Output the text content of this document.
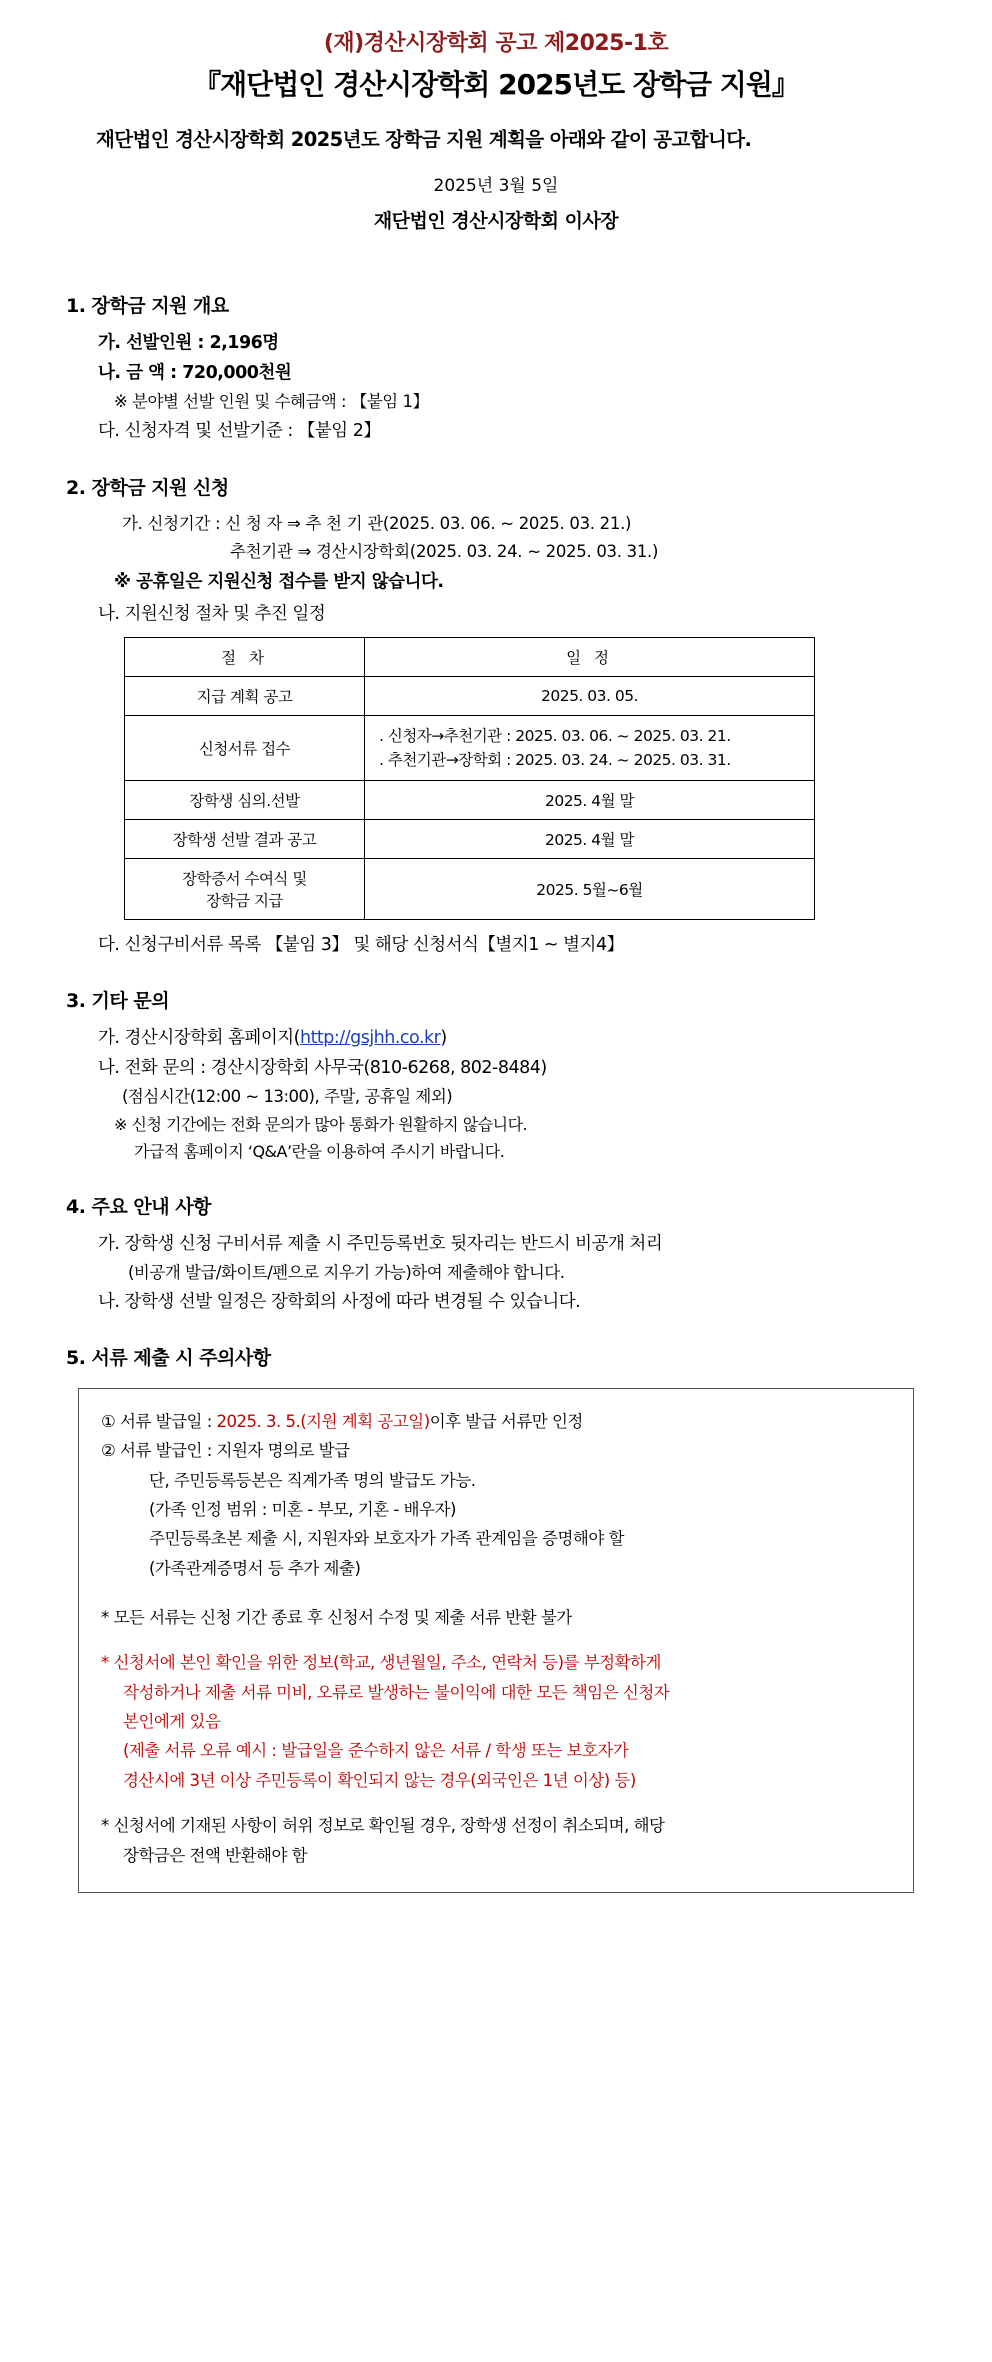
(재)경산시장학회 공고 제2025-1호
『재단법인 경산시장학회 2025년도 장학금 지원』
재단법인 경산시장학회 2025년도 장학금 지원 계획을 아래와 같이 공고합니다.
2025년 3월 5일
재단법인 경산시장학회 이사장
1. 장학금 지원 개요
가. 선발인원 : 2,196명
나. 금 액 : 720,000천원
※ 분야별 선발 인원 및 수혜금액 : 【붙임 1】
다. 신청자격 및 선발기준 : 【붙임 2】
2. 장학금 지원 신청
가. 신청기간 : 신 청 자 ⇒ 추 천 기 관(2025. 03. 06. ~ 2025. 03. 21.)
추천기관 ⇒ 경산시장학회(2025. 03. 24. ~ 2025. 03. 31.)
※ 공휴일은 지원신청 접수를 받지 않습니다.
나. 지원신청 절차 및 추진 일정
절 차	일 정
지급 계획 공고	2025. 03. 05.
신청서류 접수	. 신청자→추천기관 : 2025. 03. 06. ~ 2025. 03. 21.
. 추천기관→장학회 : 2025. 03. 24. ~ 2025. 03. 31.

장학생 심의.선발	2025. 4월 말
장학생 선발 결과 공고	2025. 4월 말

장학증서 수여식 및
장학금 지급	2025. 5월~6월
다. 신청구비서류 목록 【붙임 3】 및 해당 신청서식【별지1 ~ 별지4】
3. 기타 문의
가. 경산시장학회 홈페이지(http://gsjhh.co.kr)
나. 전화 문의 : 경산시장학회 사무국(810-6268, 802-8484)
(점심시간(12:00 ~ 13:00), 주말, 공휴일 제외)
※ 신청 기간에는 전화 문의가 많아 통화가 원활하지 않습니다.
가급적 홈페이지 ‘Q&A’란을 이용하여 주시기 바랍니다.
4. 주요 안내 사항
가. 장학생 신청 구비서류 제출 시 주민등록번호 뒷자리는 반드시 비공개 처리
(비공개 발급/화이트/펜으로 지우기 가능)하여 제출해야 합니다.
나. 장학생 선발 일정은 장학회의 사정에 따라 변경될 수 있습니다.
5. 서류 제출 시 주의사항
① 서류 발급일 : 2025. 3. 5.(지원 계획 공고일)이후 발급 서류만 인정
② 서류 발급인 : 지원자 명의로 발급
단, 주민등록등본은 직계가족 명의 발급도 가능.
(가족 인정 범위 : 미혼 - 부모, 기혼 - 배우자)
주민등록초본 제출 시, 지원자와 보호자가 가족 관계임을 증명해야 할
(가족관계증명서 등 추가 제출)
* 모든 서류는 신청 기간 종료 후 신청서 수정 및 제출 서류 반환 불가
* 신청서에 본인 확인을 위한 정보(학교, 생년월일, 주소, 연락처 등)를 부정확하게
작성하거나 제출 서류 미비, 오류로 발생하는 불이익에 대한 모든 책임은 신청자
본인에게 있음
(제출 서류 오류 예시 : 발급일을 준수하지 않은 서류 / 학생 또는 보호자가
경산시에 3년 이상 주민등록이 확인되지 않는 경우(외국인은 1년 이상) 등)
* 신청서에 기재된 사항이 허위 정보로 확인될 경우, 장학생 선정이 취소되며, 해당
장학금은 전액 반환해야 함
